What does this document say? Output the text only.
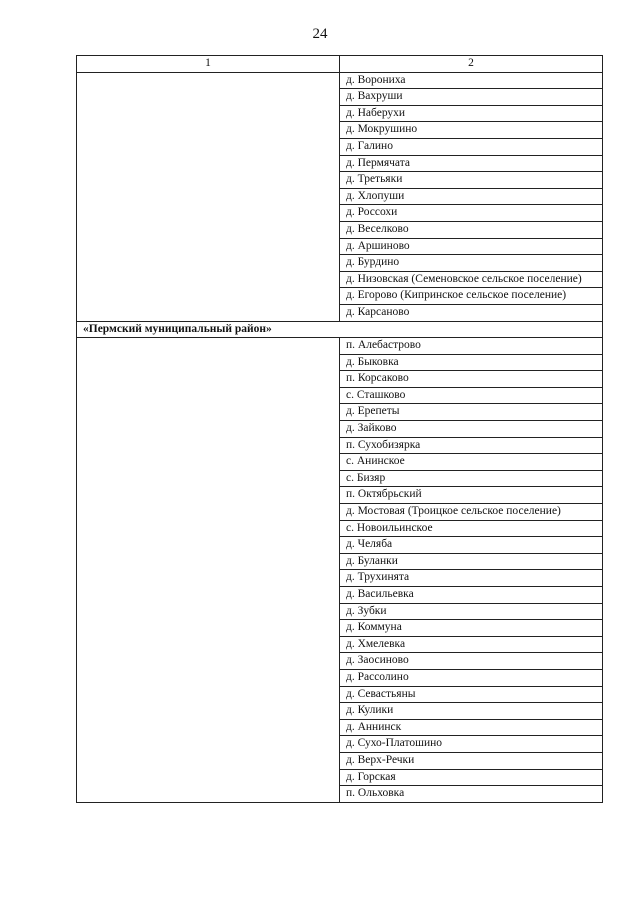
24
1	2
	д. Ворониха
	д. Вахруши
	д. Наберухи
	д. Мокрушино
	д. Галино
	д. Пермячата
	д. Третьяки
	д. Хлопуши
	д. Россохи
	д. Веселково
	д. Аршиново
	д. Бурдино
	д. Низовская (Семеновское сельское поселение)
	д. Егорово (Кипринское сельское поселение)
	д. Карсаново
«Пермский муниципальный район»	
	п. Алебастрово
	д. Быковка
	п. Корсаково
	с. Сташково
	д. Ерепеты
	д. Зайково
	п. Сухобизярка
	с. Анинское
	с. Бизяр
	п. Октябрьский
	д. Мостовая (Троицкое сельское поселение)
	с. Новоильинское
	д. Челяба
	д. Буланки
	д. Трухинята
	д. Васильевка
	д. Зубки
	д. Коммуна
	д. Хмелевка
	д. Заосиново
	д. Рассолино
	д. Севастьяны
	д. Кулики
	д. Аннинск
	д. Сухо-Платошино
	д. Верх-Речки
	д. Горская
	п. Ольховка
